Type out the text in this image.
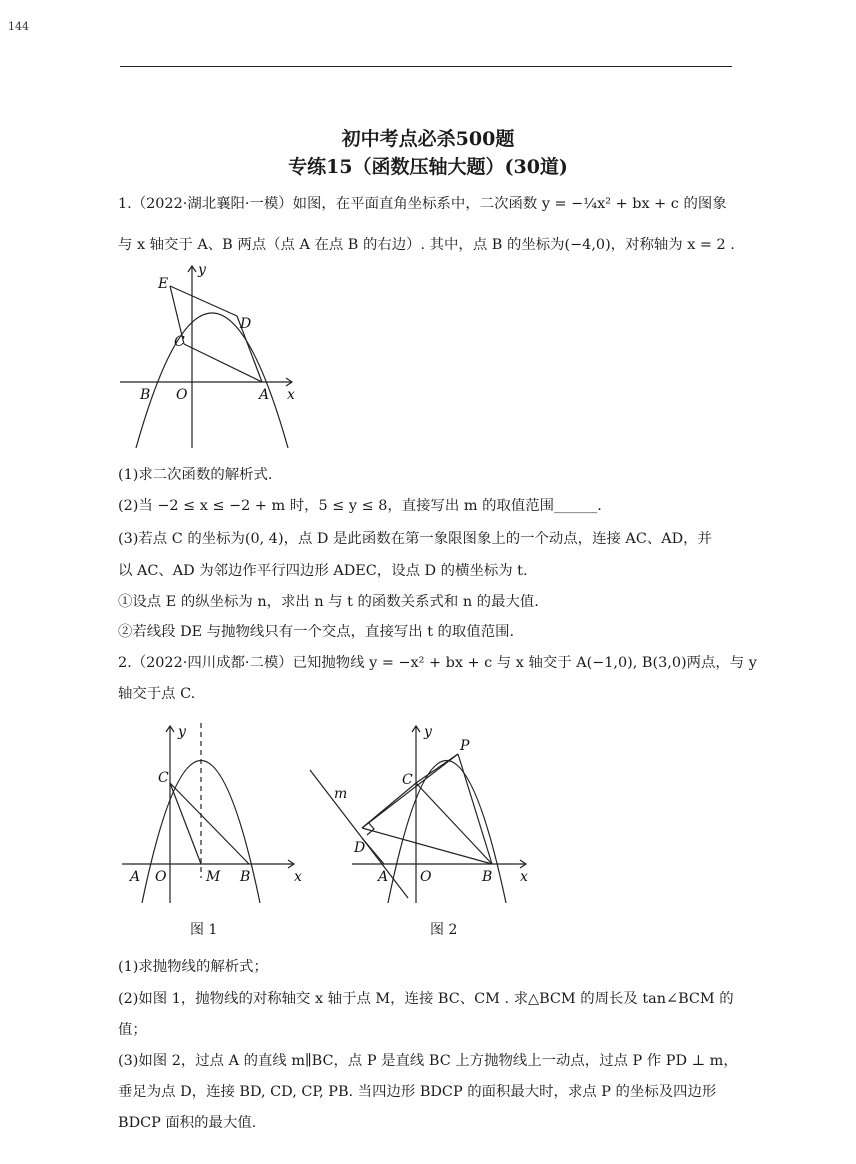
144
初中考点必杀500题
专练15（函数压轴大题）(30道)
1.（2022·湖北襄阳·一模）如图，在平面直角坐标系中，二次函数 y = −¼x² + bx + c 的图象
与 x 轴交于 A、B 两点（点 A 在点 B 的右边）. 其中，点 B 的坐标为(−4,0)，对称轴为 x = 2 .
E
D
C
B O	A x
y
(1)求二次函数的解析式.
(2)当 −2 ≤ x ≤ −2 + m 时，5 ≤ y ≤ 8，直接写出 m 的取值范围______.
(3)若点 C 的坐标为(0, 4)，点 D 是此函数在第一象限图象上的一个动点，连接 AC、AD，并
以 AC、AD 为邻边作平行四边形 ADEC，设点 D 的横坐标为 t.
①设点 E 的纵坐标为 n，求出 n 与 t 的函数关系式和 n 的最大值.
②若线段 DE 与抛物线只有一个交点，直接写出 t 的取值范围.
2.（2022·四川成都·二模）已知抛物线 y = −x² + bx + c 与 x 轴交于 A(−1,0), B(3,0)两点，与 y
轴交于点 C.
y
C
A O	M B	x
图 1
y
P
C
m
D
A O	B x
图 2
(1)求抛物线的解析式；
(2)如图 1，抛物线的对称轴交 x 轴于点 M，连接 BC、CM . 求△BCM 的周长及 tan∠BCM 的
值；
(3)如图 2，过点 A 的直线 m∥BC，点 P 是直线 BC 上方抛物线上一动点，过点 P 作 PD ⊥ m，
垂足为点 D，连接 BD, CD, CP, PB. 当四边形 BDCP 的面积最大时，求点 P 的坐标及四边形
BDCP 面积的最大值.
